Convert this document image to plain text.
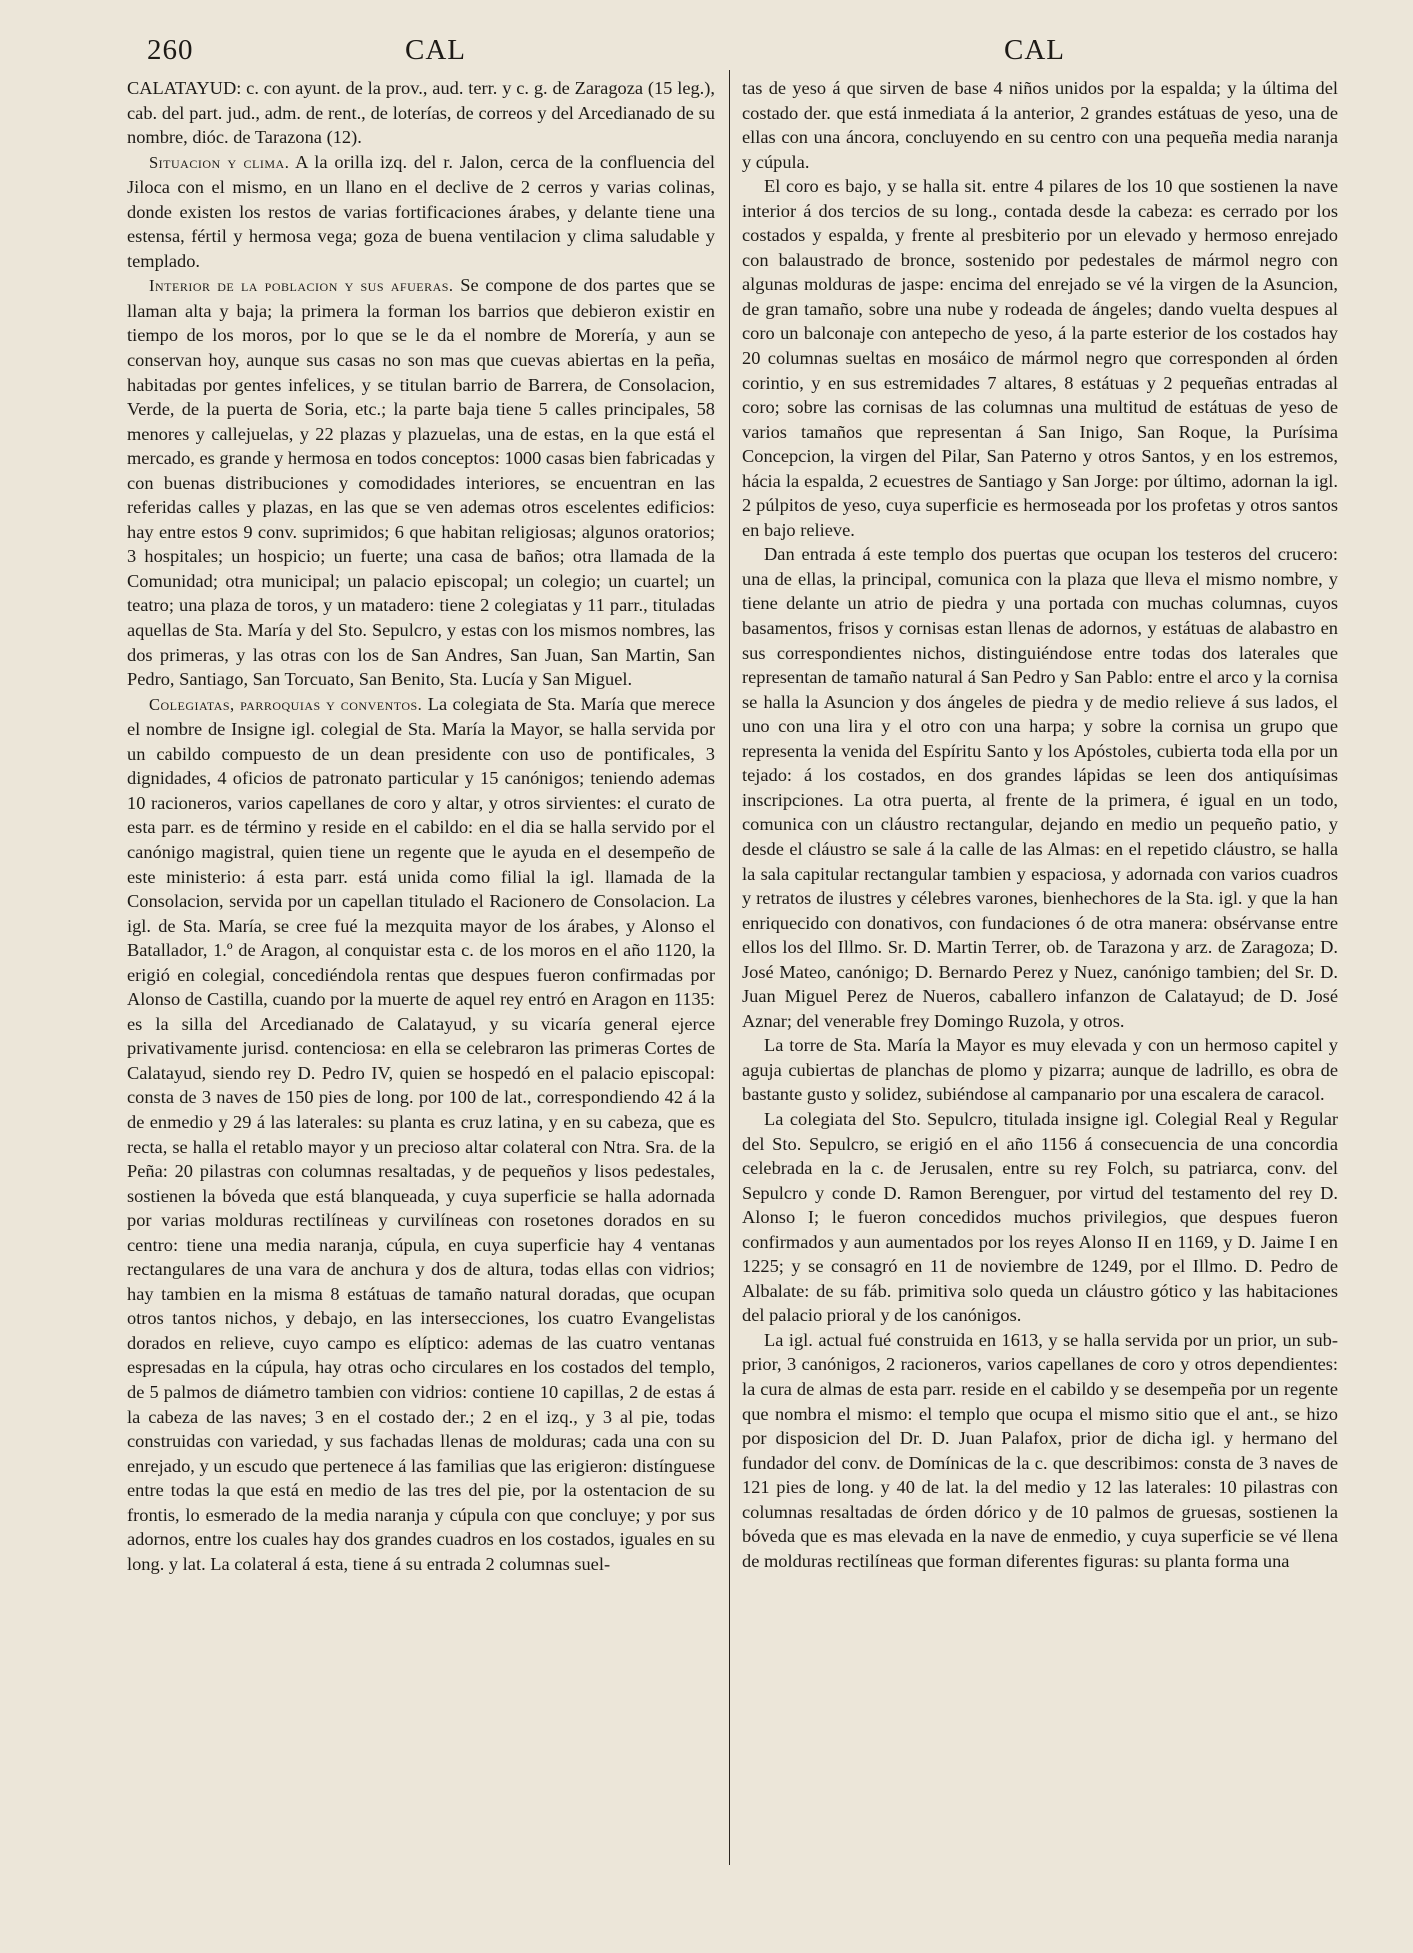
260	CAL	CAL

CALATAYUD: c. con ayunt. de la prov., aud. terr. y c. g. de Zaragoza (15 leg.), cab. del part. jud., adm. de rent., de loterías, de correos y del Arcedianado de su nombre, dióc. de Tarazona (12).

Situacion y clima. A la orilla izq. del r. Jalon, cerca de la confluencia del Jiloca con el mismo, en un llano en el declive de 2 cerros y varias colinas, donde existen los restos de varias fortificaciones árabes, y delante tiene una estensa, fértil y hermosa vega; goza de buena ventilacion y clima saludable y templado.

Interior de la poblacion y sus afueras. Se compone de dos partes que se llaman alta y baja; la primera la forman los barrios que debieron existir en tiempo de los moros, por lo que se le da el nombre de Morería, y aun se conservan hoy, aunque sus casas no son mas que cuevas abiertas en la peña, habitadas por gentes infelices, y se titulan barrio de Barrera, de Consolacion, Verde, de la puerta de Soria, etc.; la parte baja tiene 5 calles principales, 58 menores y callejuelas, y 22 plazas y plazuelas, una de estas, en la que está el mercado, es grande y hermosa en todos conceptos: 1000 casas bien fabricadas y con buenas distribuciones y comodidades interiores, se encuentran en las referidas calles y plazas, en las que se ven ademas otros escelentes edificios: hay entre estos 9 conv. suprimidos; 6 que habitan religiosas; algunos oratorios; 3 hospitales; un hospicio; un fuerte; una casa de baños; otra llamada de la Comunidad; otra municipal; un palacio episcopal; un colegio; un cuartel; un teatro; una plaza de toros, y un matadero: tiene 2 colegiatas y 11 parr., tituladas aquellas de Sta. María y del Sto. Sepulcro, y estas con los mismos nombres, las dos primeras, y las otras con los de San Andres, San Juan, San Martin, San Pedro, Santiago, San Torcuato, San Benito, Sta. Lucía y San Miguel.

Colegiatas, parroquias y conventos. La colegiata de Sta. María que merece el nombre de Insigne igl. colegial de Sta. María la Mayor, se halla servida por un cabildo compuesto de un dean presidente con uso de pontificales, 3 dignidades, 4 oficios de patronato particular y 15 canónigos; teniendo ademas 10 racioneros, varios capellanes de coro y altar, y otros sirvientes: el curato de esta parr. es de término y reside en el cabildo: en el dia se halla servido por el canónigo magistral, quien tiene un regente que le ayuda en el desempeño de este ministerio: á esta parr. está unida como filial la igl. llamada de la Consolacion, servida por un capellan titulado el Racionero de Consolacion. La igl. de Sta. María, se cree fué la mezquita mayor de los árabes, y Alonso el Batallador, 1.º de Aragon, al conquistar esta c. de los moros en el año 1120, la erigió en colegial, concediéndola rentas que despues fueron confirmadas por Alonso de Castilla, cuando por la muerte de aquel rey entró en Aragon en 1135: es la silla del Arcedianado de Calatayud, y su vicaría general ejerce privativamente jurisd. contenciosa: en ella se celebraron las primeras Cortes de Calatayud, siendo rey D. Pedro IV, quien se hospedó en el palacio episcopal: consta de 3 naves de 150 pies de long. por 100 de lat., correspondiendo 42 á la de enmedio y 29 á las laterales: su planta es cruz latina, y en su cabeza, que es recta, se halla el retablo mayor y un precioso altar colateral con Ntra. Sra. de la Peña: 20 pilastras con columnas resaltadas, y de pequeños y lisos pedestales, sostienen la bóveda que está blanqueada, y cuya superficie se halla adornada por varias molduras rectilíneas y curvilíneas con rosetones dorados en su centro: tiene una media naranja, cúpula, en cuya superficie hay 4 ventanas rectangulares de una vara de anchura y dos de altura, todas ellas con vidrios; hay tambien en la misma 8 estátuas de tamaño natural doradas, que ocupan otros tantos nichos, y debajo, en las intersecciones, los cuatro Evangelistas dorados en relieve, cuyo campo es elíptico: ademas de las cuatro ventanas espresadas en la cúpula, hay otras ocho circulares en los costados del templo, de 5 palmos de diámetro tambien con vidrios: contiene 10 capillas, 2 de estas á la cabeza de las naves; 3 en el costado der.; 2 en el izq., y 3 al pie, todas construidas con variedad, y sus fachadas llenas de molduras; cada una con su enrejado, y un escudo que pertenece á las familias que las erigieron: distínguese entre todas la que está en medio de las tres del pie, por la ostentacion de su frontis, lo esmerado de la media naranja y cúpula con que concluye; y por sus adornos, entre los cuales hay dos grandes cuadros en los costados, iguales en su long. y lat. La colateral á esta, tiene á su entrada 2 columnas suel-

tas de yeso á que sirven de base 4 niños unidos por la espalda; y la última del costado der. que está inmediata á la anterior, 2 grandes estátuas de yeso, una de ellas con una áncora, concluyendo en su centro con una pequeña media naranja y cúpula.

El coro es bajo, y se halla sit. entre 4 pilares de los 10 que sostienen la nave interior á dos tercios de su long., contada desde la cabeza: es cerrado por los costados y espalda, y frente al presbiterio por un elevado y hermoso enrejado con balaustrado de bronce, sostenido por pedestales de mármol negro con algunas molduras de jaspe: encima del enrejado se vé la virgen de la Asuncion, de gran tamaño, sobre una nube y rodeada de ángeles; dando vuelta despues al coro un balconaje con antepecho de yeso, á la parte esterior de los costados hay 20 columnas sueltas en mosáico de mármol negro que corresponden al órden corintio, y en sus estremidades 7 altares, 8 estátuas y 2 pequeñas entradas al coro; sobre las cornisas de las columnas una multitud de estátuas de yeso de varios tamaños que representan á San Inigo, San Roque, la Purísima Concepcion, la virgen del Pilar, San Paterno y otros Santos, y en los estremos, hácia la espalda, 2 ecuestres de Santiago y San Jorge: por último, adornan la igl. 2 púlpitos de yeso, cuya superficie es hermoseada por los profetas y otros santos en bajo relieve.

Dan entrada á este templo dos puertas que ocupan los testeros del crucero: una de ellas, la principal, comunica con la plaza que lleva el mismo nombre, y tiene delante un atrio de piedra y una portada con muchas columnas, cuyos basamentos, frisos y cornisas estan llenas de adornos, y estátuas de alabastro en sus correspondientes nichos, distinguiéndose entre todas dos laterales que representan de tamaño natural á San Pedro y San Pablo: entre el arco y la cornisa se halla la Asuncion y dos ángeles de piedra y de medio relieve á sus lados, el uno con una lira y el otro con una harpa; y sobre la cornisa un grupo que representa la venida del Espíritu Santo y los Apóstoles, cubierta toda ella por un tejado: á los costados, en dos grandes lápidas se leen dos antiquísimas inscripciones. La otra puerta, al frente de la primera, é igual en un todo, comunica con un cláustro rectangular, dejando en medio un pequeño patio, y desde el cláustro se sale á la calle de las Almas: en el repetido cláustro, se halla la sala capitular rectangular tambien y espaciosa, y adornada con varios cuadros y retratos de ilustres y célebres varones, bienhechores de la Sta. igl. y que la han enriquecido con donativos, con fundaciones ó de otra manera: obsérvanse entre ellos los del Illmo. Sr. D. Martin Terrer, ob. de Tarazona y arz. de Zaragoza; D. José Mateo, canónigo; D. Bernardo Perez y Nuez, canónigo tambien; del Sr. D. Juan Miguel Perez de Nueros, caballero infanzon de Calatayud; de D. José Aznar; del venerable frey Domingo Ruzola, y otros.

La torre de Sta. María la Mayor es muy elevada y con un hermoso capitel y aguja cubiertas de planchas de plomo y pizarra; aunque de ladrillo, es obra de bastante gusto y solidez, subiéndose al campanario por una escalera de caracol.

La colegiata del Sto. Sepulcro, titulada insigne igl. Colegial Real y Regular del Sto. Sepulcro, se erigió en el año 1156 á consecuencia de una concordia celebrada en la c. de Jerusalen, entre su rey Folch, su patriarca, conv. del Sepulcro y conde D. Ramon Berenguer, por virtud del testamento del rey D. Alonso I; le fueron concedidos muchos privilegios, que despues fueron confirmados y aun aumentados por los reyes Alonso II en 1169, y D. Jaime I en 1225; y se consagró en 11 de noviembre de 1249, por el Illmo. D. Pedro de Albalate: de su fáb. primitiva solo queda un cláustro gótico y las habitaciones del palacio prioral y de los canónigos.

La igl. actual fué construida en 1613, y se halla servida por un prior, un sub-prior, 3 canónigos, 2 racioneros, varios capellanes de coro y otros dependientes: la cura de almas de esta parr. reside en el cabildo y se desempeña por un regente que nombra el mismo: el templo que ocupa el mismo sitio que el ant., se hizo por disposicion del Dr. D. Juan Palafox, prior de dicha igl. y hermano del fundador del conv. de Domínicas de la c. que describimos: consta de 3 naves de 121 pies de long. y 40 de lat. la del medio y 12 las laterales: 10 pilastras con columnas resaltadas de órden dórico y de 10 palmos de gruesas, sostienen la bóveda que es mas elevada en la nave de enmedio, y cuya superficie se vé llena de molduras rectilíneas que forman diferentes figuras: su planta forma una
